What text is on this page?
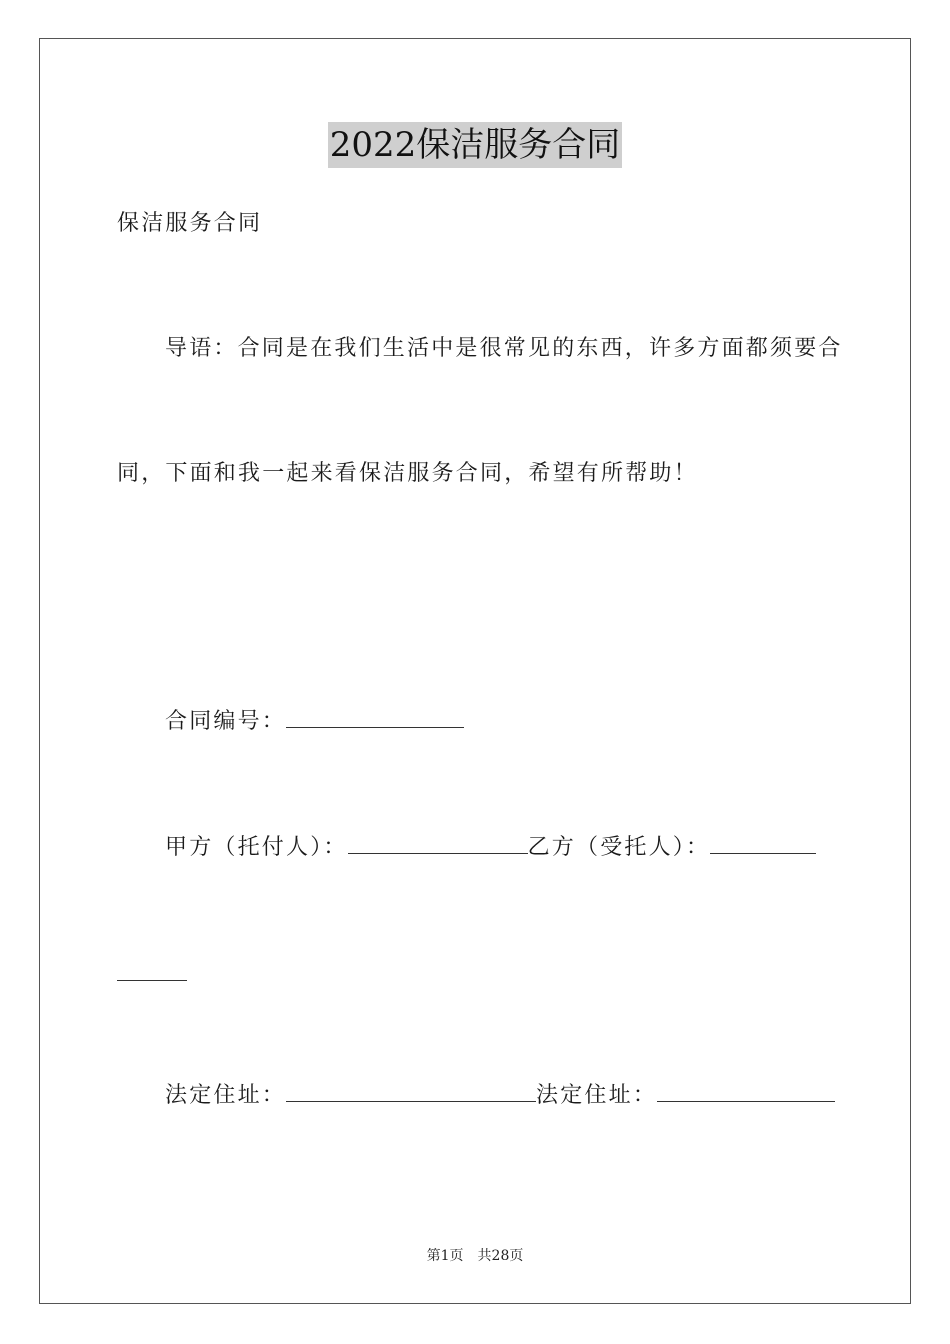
2022保洁服务合同
保洁服务合同
导语：合同是在我们生活中是很常见的东西，许多方面都须要合
同，下面和我一起来看保洁服务合同，希望有所帮助！
合同编号：
甲方（托付人）：	乙方（受托人）：
法定住址：	法定住址：
第1页 共28页
